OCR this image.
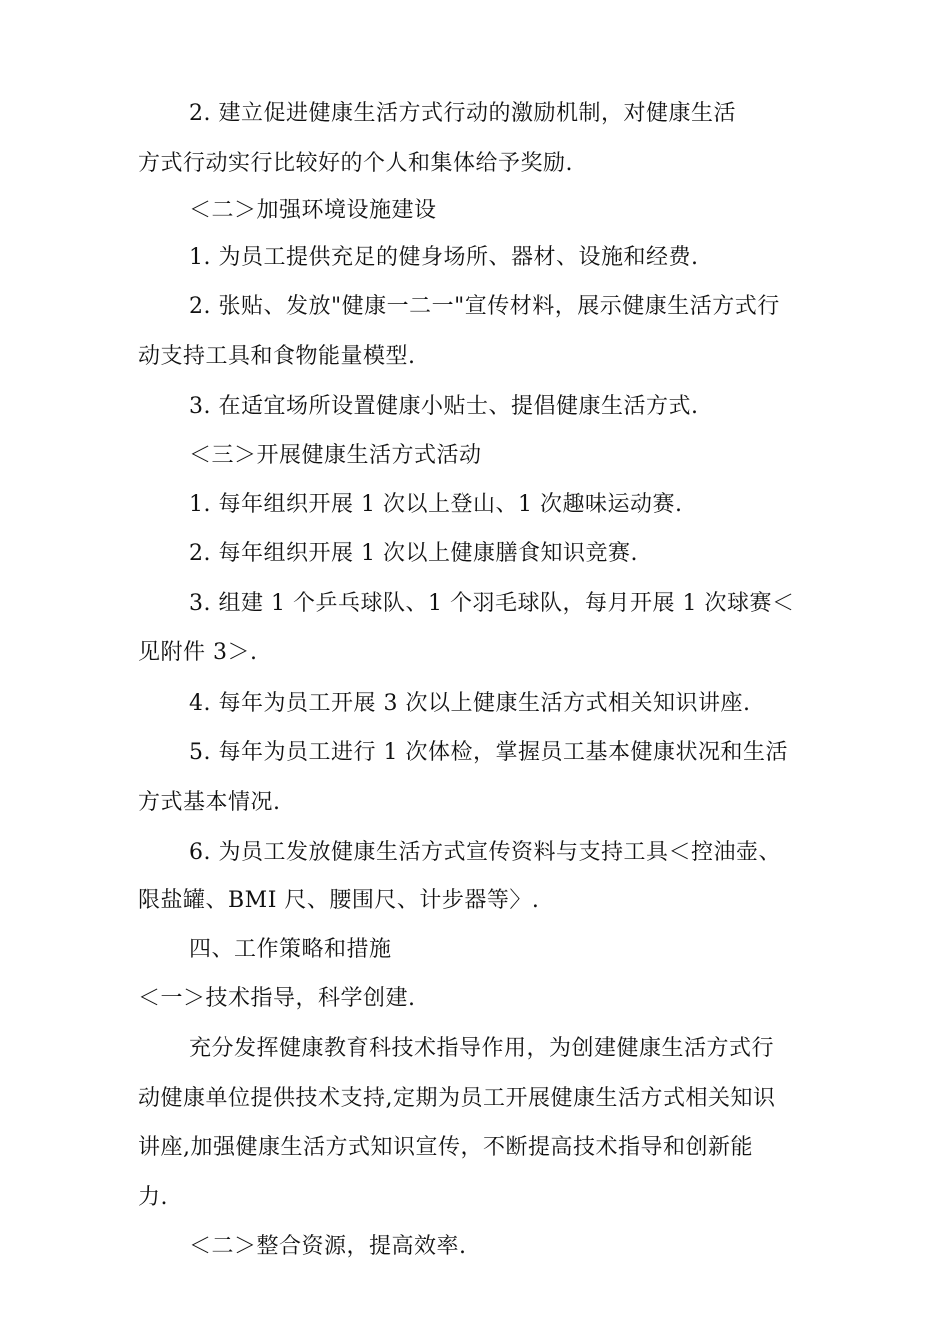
2. 建立促进健康生活方式行动的激励机制，对健康生活
方式行动实行比较好的个人和集体给予奖励.
＜二＞加强环境设施建设
1. 为员工提供充足的健身场所、器材、设施和经费.
2. 张贴、发放"健康一二一"宣传材料，展示健康生活方式行
动支持工具和食物能量模型.
3. 在适宜场所设置健康小贴士、提倡健康生活方式.
＜三＞开展健康生活方式活动
1. 每年组织开展 1 次以上登山、1 次趣味运动赛.
2. 每年组织开展 1 次以上健康膳食知识竞赛.
3. 组建 1 个乒乓球队、1 个羽毛球队，每月开展 1 次球赛＜
见附件 3＞.
4. 每年为员工开展 3 次以上健康生活方式相关知识讲座.
5. 每年为员工进行 1 次体检，掌握员工基本健康状况和生活
方式基本情况.
6. 为员工发放健康生活方式宣传资料与支持工具＜控油壶、
限盐罐、BMI 尺、腰围尺、计步器等〉.
四、工作策略和措施
＜一＞技术指导，科学创建.
充分发挥健康教育科技术指导作用，为创建健康生活方式行
动健康单位提供技术支持,定期为员工开展健康生活方式相关知识
讲座,加强健康生活方式知识宣传，不断提高技术指导和创新能
力.
＜二＞整合资源，提高效率.
